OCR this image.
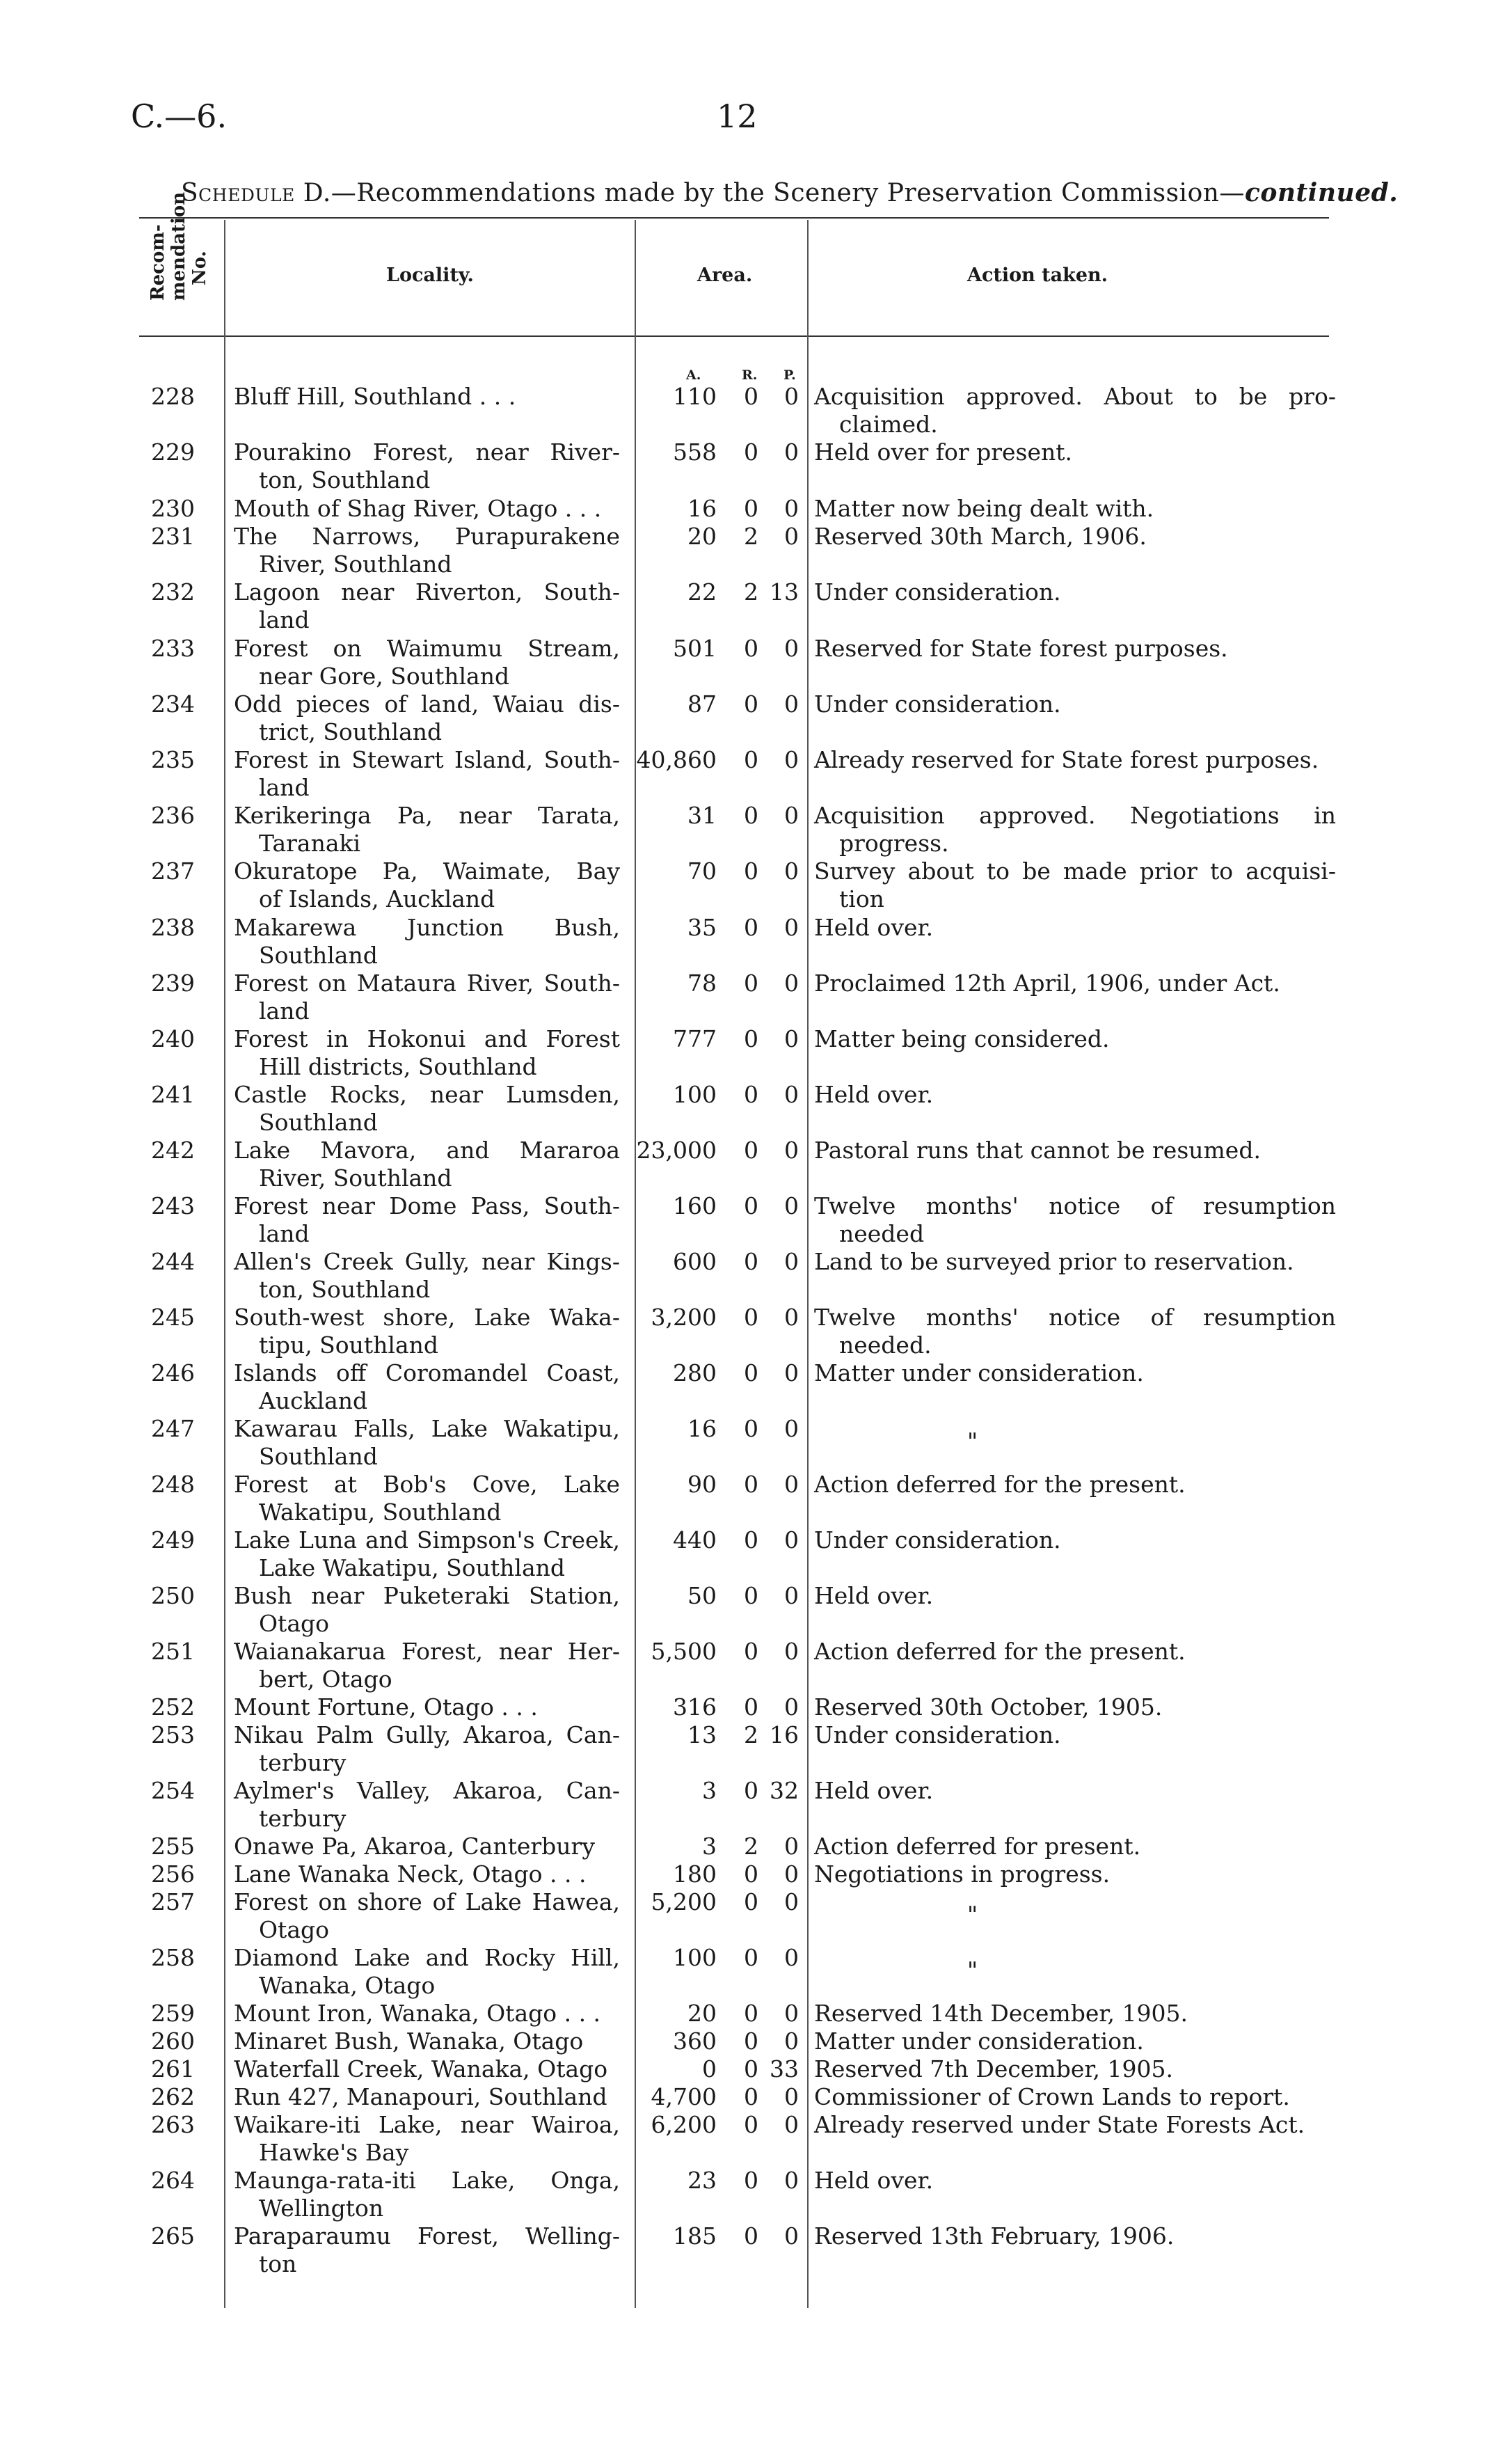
C.—6.	12
Schedule D.—Recommendations made by the Scenery Preservation Commission—continued.
Recom- mendation No.	Locality.	Area.	Action taken.
A.	R. P.
228 Bluff Hill, Southland . . .	110	0	0 Acquisition approved. About to be pro-
claimed.
229 Pourakino Forest, near River-
ton, Southland
558	0	0 Held over for present.
230 Mouth of Shag River, Otago . . .	16	0	0 Matter now being dealt with.
231 The Narrows, Purapurakene
River, Southland
20	2	0 Reserved 30th March, 1906.
232 Lagoon near Riverton, South-
land
22	2 13 Under consideration.
233 Forest on Waimumu Stream,
near Gore, Southland
501	0	0 Reserved for State forest purposes.
234 Odd pieces of land, Waiau dis-
trict, Southland
87	0	0 Under consideration.
235 Forest in Stewart Island, South-
land
40,860	0	0 Already reserved for State forest purposes.
236 Kerikeringa Pa, near Tarata,
Taranaki
31	0	0 Acquisition approved. Negotiations in
progress.
237 Okuratope Pa, Waimate, Bay
of Islands, Auckland
70	0	0 Survey about to be made prior to acquisi-
tion
238 Makarewa Junction Bush,
Southland
35	0	0 Held over.
239 Forest on Mataura River, South-
land
78	0	0 Proclaimed 12th April, 1906, under Act.
240 Forest in Hokonui and Forest
Hill districts, Southland
777	0	0 Matter being considered.
241 Castle Rocks, near Lumsden,
Southland
100	0	0 Held over.
242 Lake Mavora, and Mararoa
River, Southland
23,000	0	0 Pastoral runs that cannot be resumed.
243 Forest near Dome Pass, South-
land
160	0	0 Twelve months' notice of resumption
needed
244 Allen's Creek Gully, near Kings-
ton, Southland
600	0	0 Land to be surveyed prior to reservation.
245 South-west shore, Lake Waka-
tipu, Southland
3,200	0	0 Twelve months' notice of resumption
needed.
246 Islands off Coromandel Coast,
Auckland
280	0	0 Matter under consideration.
247 Kawarau Falls, Lake Wakatipu,
Southland
16	0	0	"
248 Forest at Bob's Cove, Lake
Wakatipu, Southland
90	0	0 Action deferred for the present.
249 Lake Luna and Simpson's Creek,
Lake Wakatipu, Southland
440	0	0 Under consideration.
250 Bush near Puketeraki Station,
Otago
50	0	0 Held over.
251 Waianakarua Forest, near Her-
bert, Otago
5,500	0	0 Action deferred for the present.
252 Mount Fortune, Otago . . .	316	0	0 Reserved 30th October, 1905.
253 Nikau Palm Gully, Akaroa, Can-
terbury
13	2 16 Under consideration.
254 Aylmer's Valley, Akaroa, Can-
terbury
3	0 32 Held over.
255 Onawe Pa, Akaroa, Canterbury	3	2	0 Action deferred for present.
256 Lane Wanaka Neck, Otago . . .	180	0	0 Negotiations in progress.
257 Forest on shore of Lake Hawea,
Otago
5,200	0	0	"
258 Diamond Lake and Rocky Hill,
Wanaka, Otago
100	0	0	"
259 Mount Iron, Wanaka, Otago . . .	20	0	0 Reserved 14th December, 1905.
260 Minaret Bush, Wanaka, Otago	360	0	0 Matter under consideration.
261 Waterfall Creek, Wanaka, Otago	0	0 33 Reserved 7th December, 1905.
262 Run 427, Manapouri, Southland	4,700	0	0 Commissioner of Crown Lands to report.
263 Waikare-iti Lake, near Wairoa,
Hawke's Bay
6,200	0	0 Already reserved under State Forests Act.
264 Maunga-rata-iti Lake, Onga,
Wellington
23	0	0 Held over.
265 Paraparaumu Forest, Welling-
ton
185	0	0 Reserved 13th February, 1906.
